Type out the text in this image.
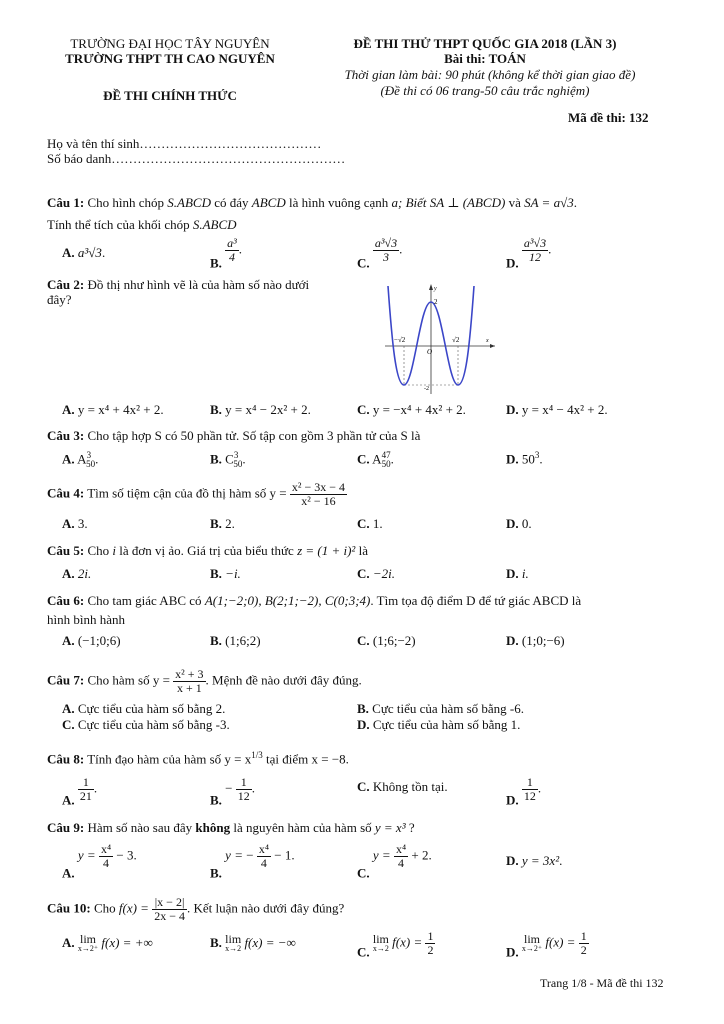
TRƯỜNG ĐẠI HỌC TÂY NGUYÊN
TRƯỜNG THPT TH CAO NGUYÊN
ĐỀ THI CHÍNH THỨC
ĐỀ THI THỬ THPT QUỐC GIA 2018 (LẦN 3)
Bài thi: TOÁN
Thời gian làm bài: 90 phút (không kể thời gian giao đề)
(Đề thi có 06 trang-50 câu trắc nghiệm)
Mã đề thi: 132
Họ và tên thí sinh……………………………………
Số báo danh………………………………………………
Câu 1: Cho hình chóp S.ABCD có đáy ABCD là hình vuông cạnh a; Biết SA ⊥ (ABCD) và SA = a√3.
Tính thể tích của khối chóp S.ABCD
A. a³√3.
B. $\frac{\text{a³}}{4}$ .
C. $\frac{\text{a³√3}}{3}$ .
D. $\frac{\text{a³√3}}{12}$ .
Câu 2: Đồ thị như hình vẽ là của hàm số nào dưới
đây?	2
O
y
x
−√2	√2
-2
A. y = x⁴ + 4x² + 2.	B. y = x⁴ − 2x² + 2.	C. y = −x⁴ + 4x² + 2.	D. y = x⁴ − 4x² + 2.
Câu 3: Cho tập hợp S có 50 phần tử. Số tập con gồm 3 phần tử của S là
A. $A^3_{50}$.	B. $C^3_{50}$.	C. $A^{47}_{50}$.	D. $50^3$.
Câu 4: Tìm số tiệm cận của đồ thị hàm số $y = \frac{\text{x² − 3x − 4}}{\text{x² − 16}}$
A. 3.	B. 2.	C. 1.	D. 0.
Câu 5: Cho i là đơn vị ảo. Giá trị của biểu thức z = (1 + i)² là
A. 2i.	B. −i.	C. −2i.	D. i.
Câu 6: Cho tam giác ABC có A(1;−2;0), B(2;1;−2), C(0;3;4). Tìm tọa độ điểm D để tứ giác ABCD là
hình bình hành
A. (−1;0;6)	B. (1;6;2)	C. (1;6;−2)	D. (1;0;−6)
Câu 7: Cho hàm số $y = \frac{\text{x² + 3}}{x + 1}$ . Mệnh đề nào dưới đây đúng.
A. Cực tiểu của hàm số bằng 2.	B. Cực tiểu của hàm số bằng -6.
C. Cực tiểu của hàm số bằng -3.	D. Cực tiểu của hàm số bằng 1.
Câu 8: Tính đạo hàm của hàm số $y = x^{1/3}$ tại điểm x = −8.
A. $\frac{1}{21}$ .
B. − $\frac{1}{12}$ .	C. Không tồn tại.
D. $\frac{1}{12}$ .
Câu 9: Hàm số nào sau đây không là nguyên hàm của hàm số y = x³ ?
A. $y = \frac{\text{x⁴}}{4} - 3$.
B. y = − $\frac{\text{x⁴}}{4} - 1$.
C. $y = \frac{\text{x⁴}}{4} + 2$.	D. y = 3x².
Câu 10: Cho $f(x) = \frac{|x - 2|}{2x - 4}$ . Kết luận nào dưới đây đúng?
A. lim
x→2⁺ f(x) = +∞	B. lim
x→2 f(x) = −∞
C.
lim
x→2 $f(x) = \frac{1}{2}$	D.
lim
x→2⁺ $f(x) = \frac{1}{2}$
Trang 1/8 - Mã đề thi 132
